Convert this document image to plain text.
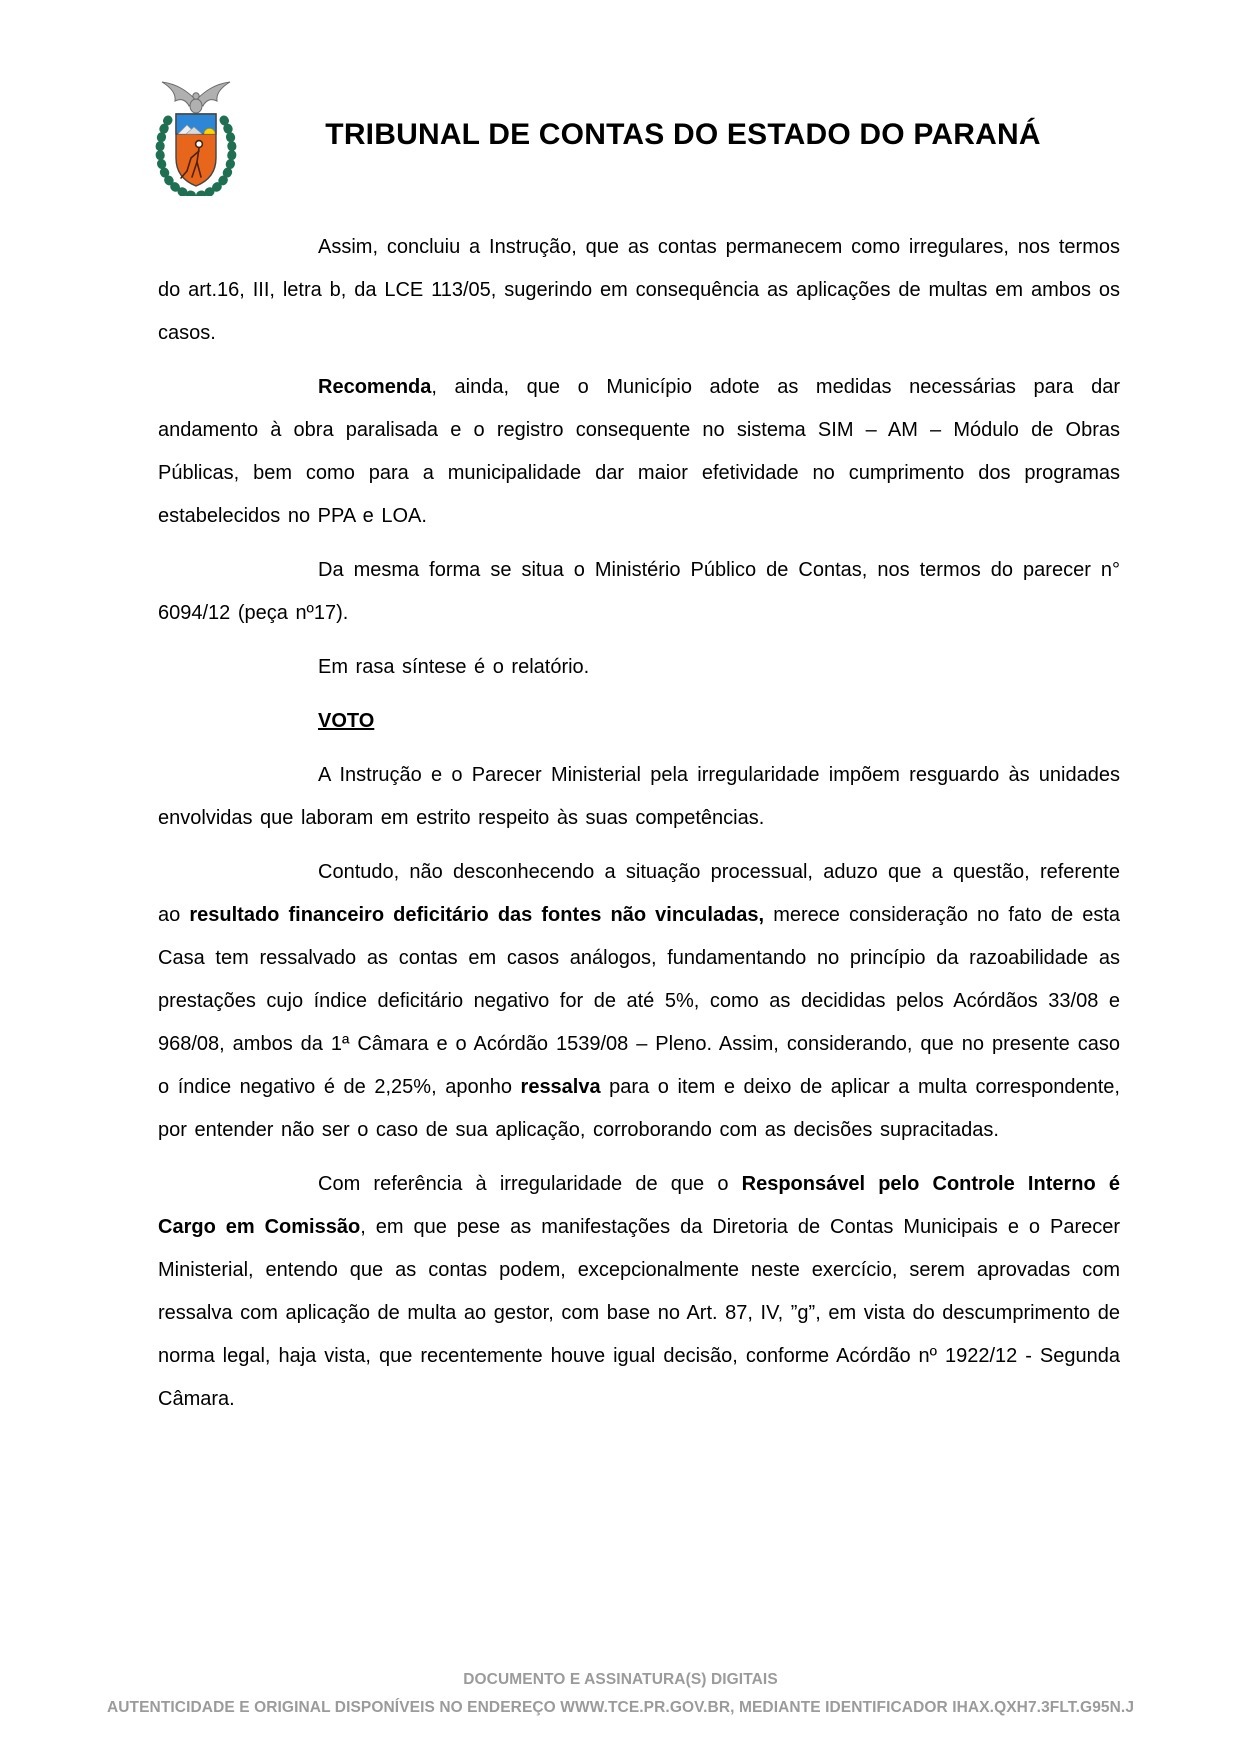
TRIBUNAL DE CONTAS DO ESTADO DO PARANÁ

Assim, concluiu a Instrução, que as contas permanecem como irregulares, nos termos do art.16, III, letra b, da LCE 113/05, sugerindo em consequência as aplicações de multas em ambos os casos.

Recomenda, ainda, que o Município adote as medidas necessárias para dar andamento à obra paralisada e o registro consequente no sistema SIM – AM – Módulo de Obras Públicas, bem como para a municipalidade dar maior efetividade no cumprimento dos programas estabelecidos no PPA e LOA.

Da mesma forma se situa o Ministério Público de Contas, nos termos do parecer n° 6094/12 (peça nº17).

Em rasa síntese é o relatório.

VOTO

A Instrução e o Parecer Ministerial pela irregularidade impõem resguardo às unidades envolvidas que laboram em estrito respeito às suas competências.

Contudo, não desconhecendo a situação processual, aduzo que a questão, referente ao resultado financeiro deficitário das fontes não vinculadas, merece consideração no fato de esta Casa tem ressalvado as contas em casos análogos, fundamentando no princípio da razoabilidade as prestações cujo índice deficitário negativo for de até 5%, como as decididas pelos Acórdãos 33/08 e 968/08, ambos da 1ª Câmara e o Acórdão 1539/08 – Pleno. Assim, considerando, que no presente caso o índice negativo é de 2,25%, aponho ressalva para o item e deixo de aplicar a multa correspondente, por entender não ser o caso de sua aplicação, corroborando com as decisões supracitadas.

Com referência à irregularidade de que o Responsável pelo Controle Interno é Cargo em Comissão, em que pese as manifestações da Diretoria de Contas Municipais e o Parecer Ministerial, entendo que as contas podem, excepcionalmente neste exercício, serem aprovadas com ressalva com aplicação de multa ao gestor, com base no Art. 87, IV, ”g”, em vista do descumprimento de norma legal, haja vista, que recentemente houve igual decisão, conforme Acórdão nº 1922/12 - Segunda Câmara.

DOCUMENTO E ASSINATURA(S) DIGITAIS
AUTENTICIDADE E ORIGINAL DISPONÍVEIS NO ENDEREÇO WWW.TCE.PR.GOV.BR, MEDIANTE IDENTIFICADOR IHAX.QXH7.3FLT.G95N.J
